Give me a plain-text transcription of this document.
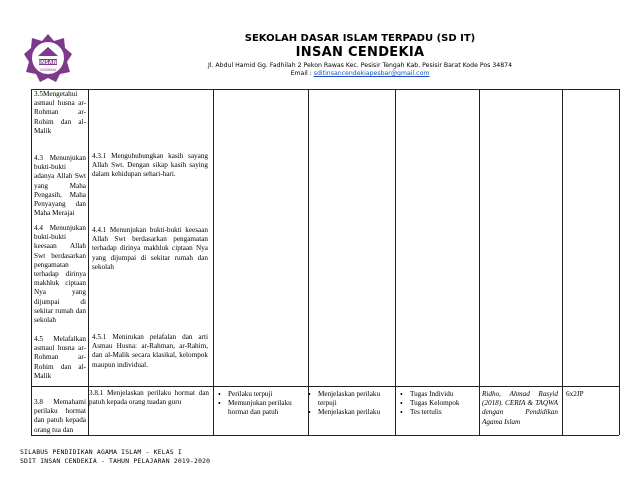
INSAN
CENDEKIA
SEKOLAH DASAR ISLAM TERPADU (SD IT)
INSAN CENDEKIA
Jl. Abdul Hamid Gg. Fadhilah 2 Pekon Rawas Kec. Pesisir Tengah Kab. Pesisir Barat Kode Pos 34874
Email : sditinsancendekiapesbar@gmail.com
3.5Mengetahui asmaul husna ar-Rohman ar-Rohim dan al-Malik
4.3 Menunjukan bukti-bukti adanya Allah Swt yang Maha Pengasih, Maha Penyayang dan Maha Merajai
4.4 Menunjukan bukti-bukti keesaan Allah Swt berdasarkan pengamatan terhadap dirinya makhluk ciptaan Nya yang dijumpai di sekitar rumah dan sekolah
4.5 Melafalkan asmaul husna ar-Rohman ar-Rohim dan al-Malik
3.8 Memahami perilaku hormat dan patuh kepada orang tua dan
4.3.1 Menguhubungkan kasih sayang Allah Swt. Dengan sikap kasih saying dalam kehidupan sehari-hari.
4.4.1 Menunjukan bukti-bukti keesaan Allah Swt berdasarkan pengamatan terhadap dirinya makhluk ciptaan Nya yang dijumpai di sekitar rumah dan sekolah
4.5.1 Menirukan pelafalan dan arti Asmau Husna: ar-Rahman, ar-Rahim, dan al-Malik secara klasikal, kelompok maupun individual.
3.8.1 Menjelaskan perilaku hormat dan patuh kepada orang tuadan guru
• Perilaku terpuji
• Memunjukan perilaku hormat dan patuh
• Menjelaskan perilaku terpuji
• Menjelaskan perilaku
• Tugas Individu
• Tugas Kelompok
• Tes tertulis
Ridho, Ahmad Rasyid (2018). CERIA & TAQWA dengan Pendidikan Agama Islam
6x2JP
SILABUS PENDIDIKAN AGAMA ISLAM - KELAS I
SDIT INSAN CENDEKIA - TAHUN PELAJARAN 2019-2020
